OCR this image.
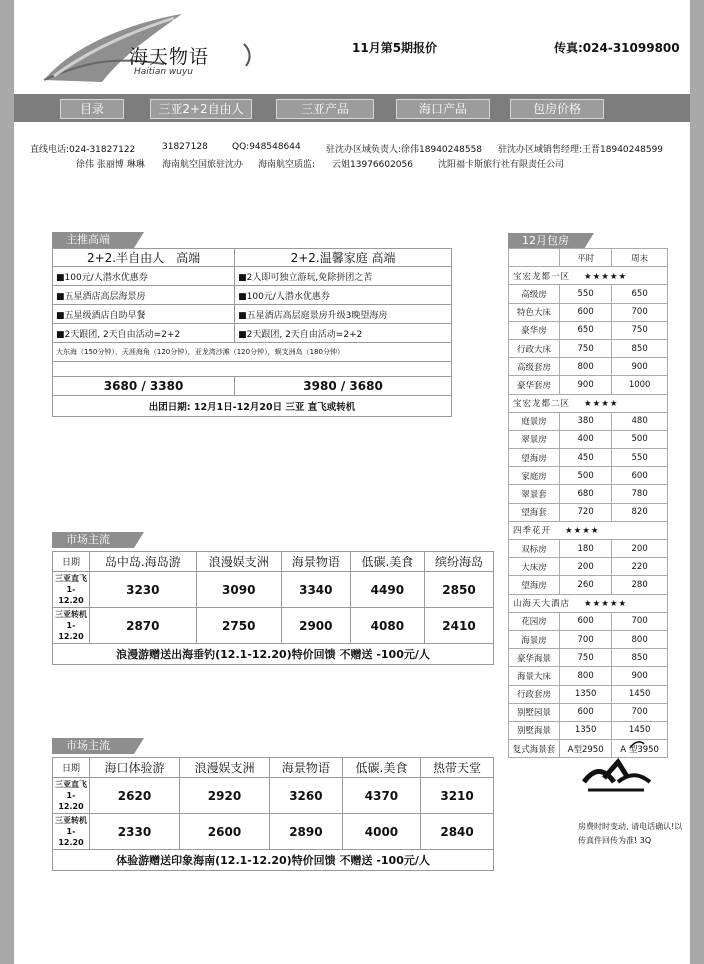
海天物语
Haitian wuyu
11月第5期报价	传真:024-31099800
目录	三亚2+2自由人	三亚产品	海口产品	包房价格
直线电话:024-31827122	31827128	QQ:948548644	驻沈办区域负责人:徐伟18940248558 驻沈办区域销售经理:王晋18940248599
徐伟 张丽博 琳琳 海南航空国旅驻沈办 海南航空质监: 云姐13976602056	沈阳福卡斯旅行社有限责任公司
主推高端
2+2.半自由人　高端	2+2.温馨家庭 高端
■100元/人潜水优惠券	■2人即可独立游玩,免除拼团之苦
■五星酒店高层海景房	■100元/人潜水优惠券
■五星级酒店自助早餐	■五星酒店高层庭景房升级3晚望海房
■2天跟团, 2天自由活动=2+2	■2天跟团, 2天自由活动=2+2
大东海（150分钟），天涯海角（120分钟），亚龙湾沙滩（120分钟），蜈支洲岛（180分钟）	

3680 / 3380	3980 / 3680
出团日期: 12月1日-12月20日 三亚 直飞或转机	
市场主流
日期	岛中岛.海岛游	浪漫娱支洲	海景物语	低碳.美食	缤纷海岛
三亚直飞
1-12.20	3230	3090	3340	4490	2850
三亚转机
1-12.20	2870	2750	2900	4080	2410
浪漫游赠送出海垂钓(12.1-12.20)特价回馈 不赠送 -100元/人					
市场主流
日期	海口体验游	浪漫娱支洲	海景物语	低碳.美食	热带天堂
三亚直飞
1-12.20	2620	2920	3260	4370	3210
三亚转机
1-12.20	2330	2600	2890	4000	2840
体验游赠送印象海南(12.1-12.20)特价回馈 不赠送 -100元/人					
12月包房
	平时	周末
宝宏龙都一区 ★★★★★		
高级房	550	650
特色大床	600	700
豪华房	650	750
行政大床	750	850
高级套房	800	900
豪华套房	900	1000
宝宏龙都二区 ★★★★		
庭景房	380	480
翠景房	400	500
望海房	450	550
家庭房	500	600
翠景套	680	780
望海套	720	820
四季花开 ★★★★		
双标房	180	200
大床房	200	220
望海房	260	280
山海天大酒店 ★★★★★		
花园房	600	700
海景房	700	800
豪华海景	750	850
海景大床	800	900
行政套房	1350	1450
别墅园景	600	700
别墅海景	1350	1450
复式海景套	A型2950	A 型3950
房费时时变动, 请电话确认!以传真件回传为准! 3Q
